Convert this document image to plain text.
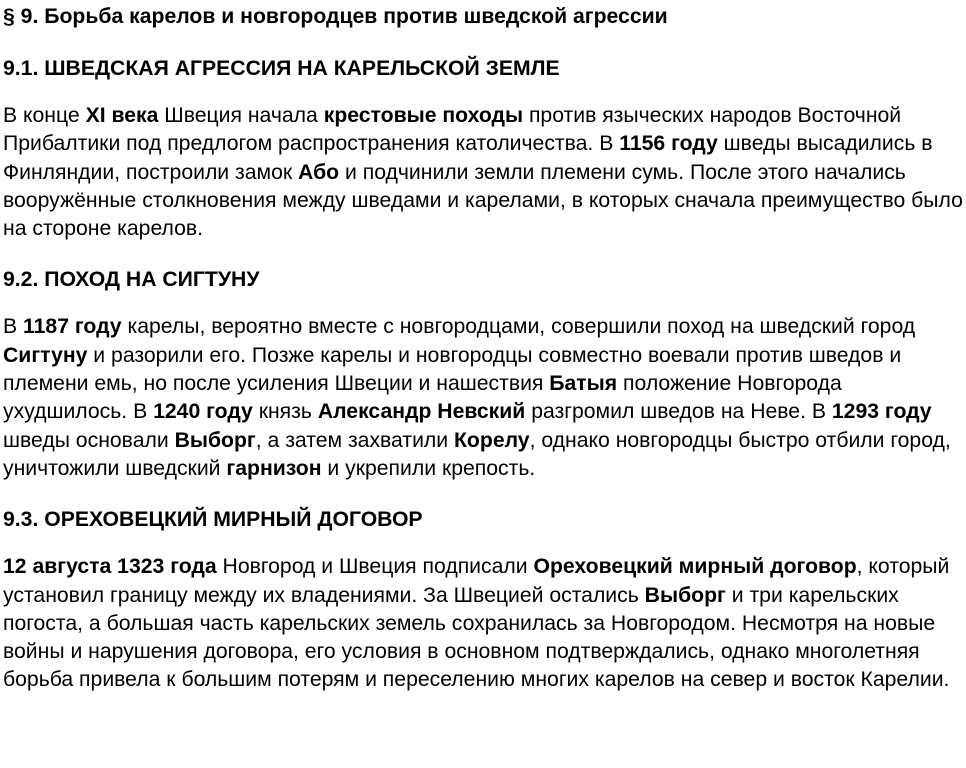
§ 9. Борьба карелов и новгородцев против шведской агрессии
9.1. ШВЕДСКАЯ АГРЕССИЯ НА КАРЕЛЬСКОЙ ЗЕМЛЕ

В конце XI века Швеция начала крестовые походы против языческих народов Восточной Прибалтики под предлогом распространения католичества. В 1156 году шведы высадились в Финляндии, построили замок Або и подчинили земли племени сумь. После этого начались вооружённые столкновения между шведами и карелами, в которых сначала преимущество было на стороне карелов.

9.2. ПОХОД НА СИГТУНУ

В 1187 году карелы, вероятно вместе с новгородцами, совершили поход на шведский город Сигтуну и разорили его. Позже карелы и новгородцы совместно воевали против шведов и племени емь, но после усиления Швеции и нашествия Батыя положение Новгорода ухудшилось. В 1240 году князь Александр Невский разгромил шведов на Неве. В 1293 году шведы основали Выборг, а затем захватили Корелу, однако новгородцы быстро отбили город, уничтожили шведский гарнизон и укрепили крепость.

9.3. ОРЕХОВЕЦКИЙ МИРНЫЙ ДОГОВОР

12 августа 1323 года Новгород и Швеция подписали Ореховецкий мирный договор, который установил границу между их владениями. За Швецией остались Выборг и три карельских погоста, а большая часть карельских земель сохранилась за Новгородом. Несмотря на новые войны и нарушения договора, его условия в основном подтверждались, однако многолетняя борьба привела к большим потерям и переселению многих карелов на север и восток Карелии.
